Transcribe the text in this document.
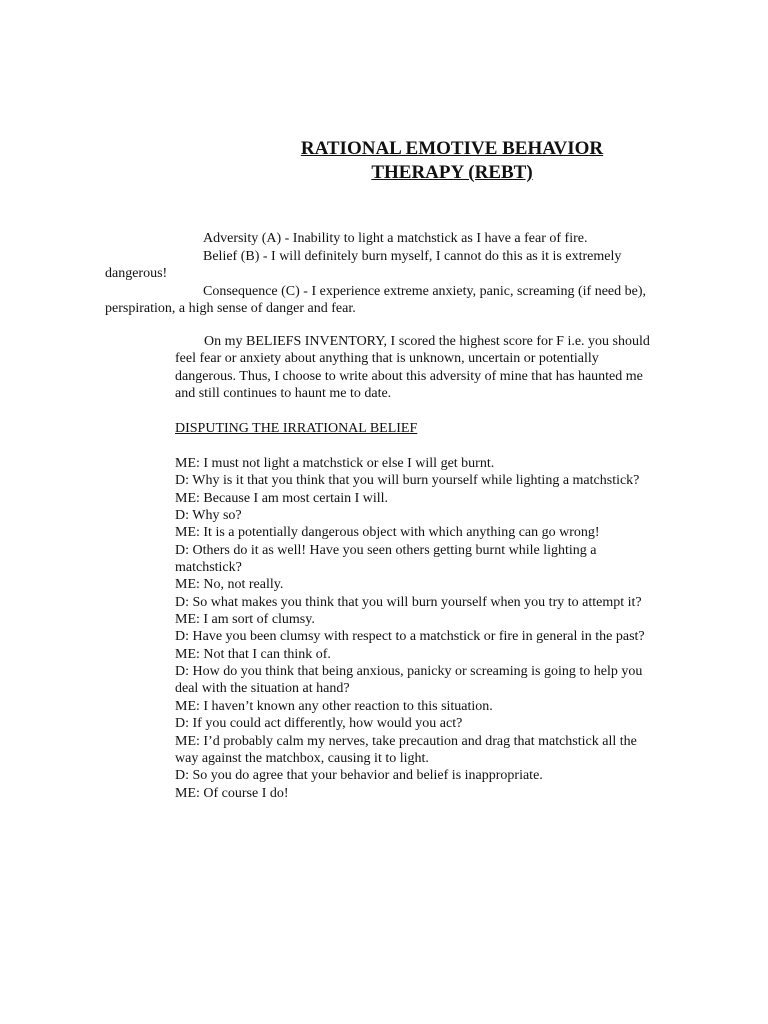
RATIONAL EMOTIVE BEHAVIOR
THERAPY (REBT)

Adversity (A) - Inability to light a matchstick as I have a fear of fire.

Belief (B) - I will definitely burn myself, I cannot do this as it is extremely dangerous!

Consequence (C) - I experience extreme anxiety, panic, screaming (if need be), perspiration, a high sense of danger and fear.

On my BELIEFS INVENTORY, I scored the highest score for F i.e. you should feel fear or anxiety about anything that is unknown, uncertain or potentially dangerous. Thus, I choose to write about this adversity of mine that has haunted me and still continues to haunt me to date.

DISPUTING THE IRRATIONAL BELIEF

ME: I must not light a matchstick or else I will get burnt.

D: Why is it that you think that you will burn yourself while lighting a matchstick?

ME: Because I am most certain I will.

D: Why so?

ME: It is a potentially dangerous object with which anything can go wrong!

D: Others do it as well! Have you seen others getting burnt while lighting a matchstick?

ME: No, not really.

D: So what makes you think that you will burn yourself when you try to attempt it?

ME: I am sort of clumsy.

D: Have you been clumsy with respect to a matchstick or fire in general in the past?

ME: Not that I can think of.

D: How do you think that being anxious, panicky or screaming is going to help you deal with the situation at hand?

ME: I haven’t known any other reaction to this situation.

D: If you could act differently, how would you act?

ME: I’d probably calm my nerves, take precaution and drag that matchstick all the way against the matchbox, causing it to light.

D: So you do agree that your behavior and belief is inappropriate.

ME: Of course I do!
